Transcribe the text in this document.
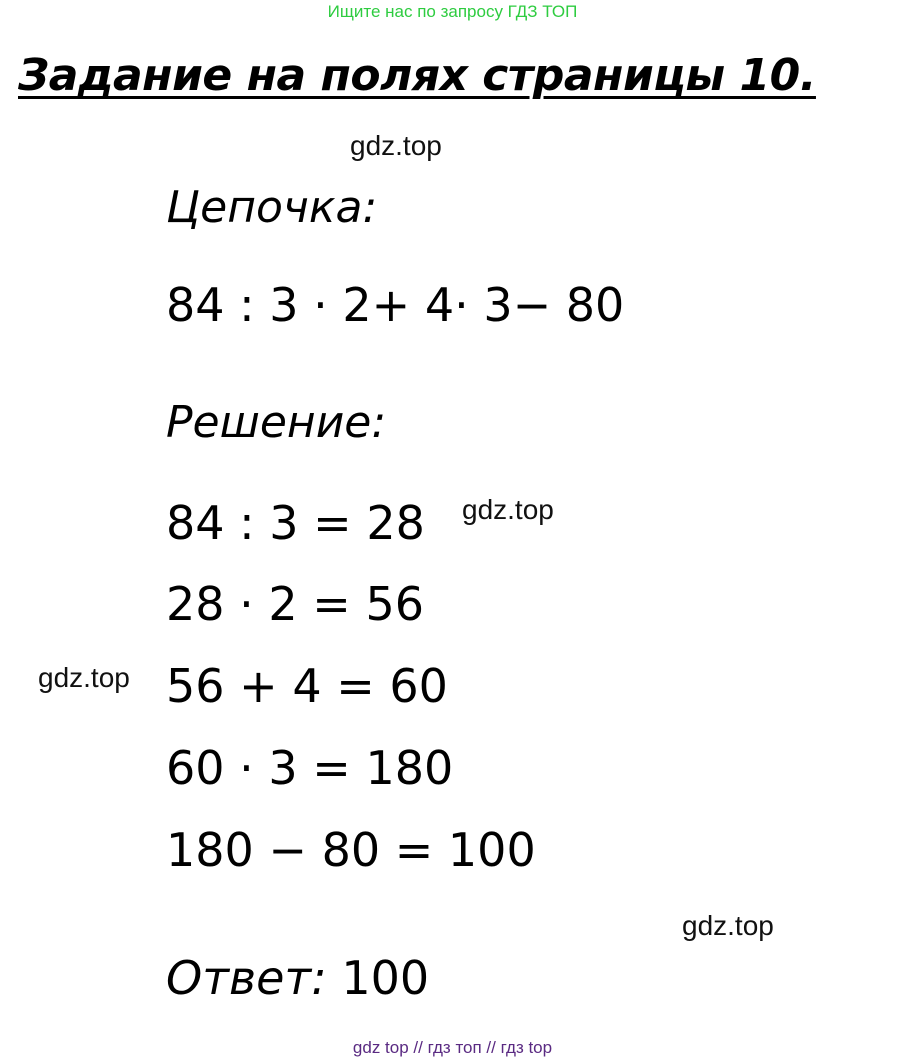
Ищите нас по запросу ГДЗ ТОП
Задание на полях страницы 10.
gdz.top
Цепочка:
84 : 3 · 2+ 4· 3− 80
Решение:
84 : 3 = 28 gdz.top
28 · 2 = 56
gdz.top 56 + 4 = 60
60 · 3 = 180
180 − 80 = 100
gdz.top
Ответ: 100
gdz top // гдз топ // гдз top
